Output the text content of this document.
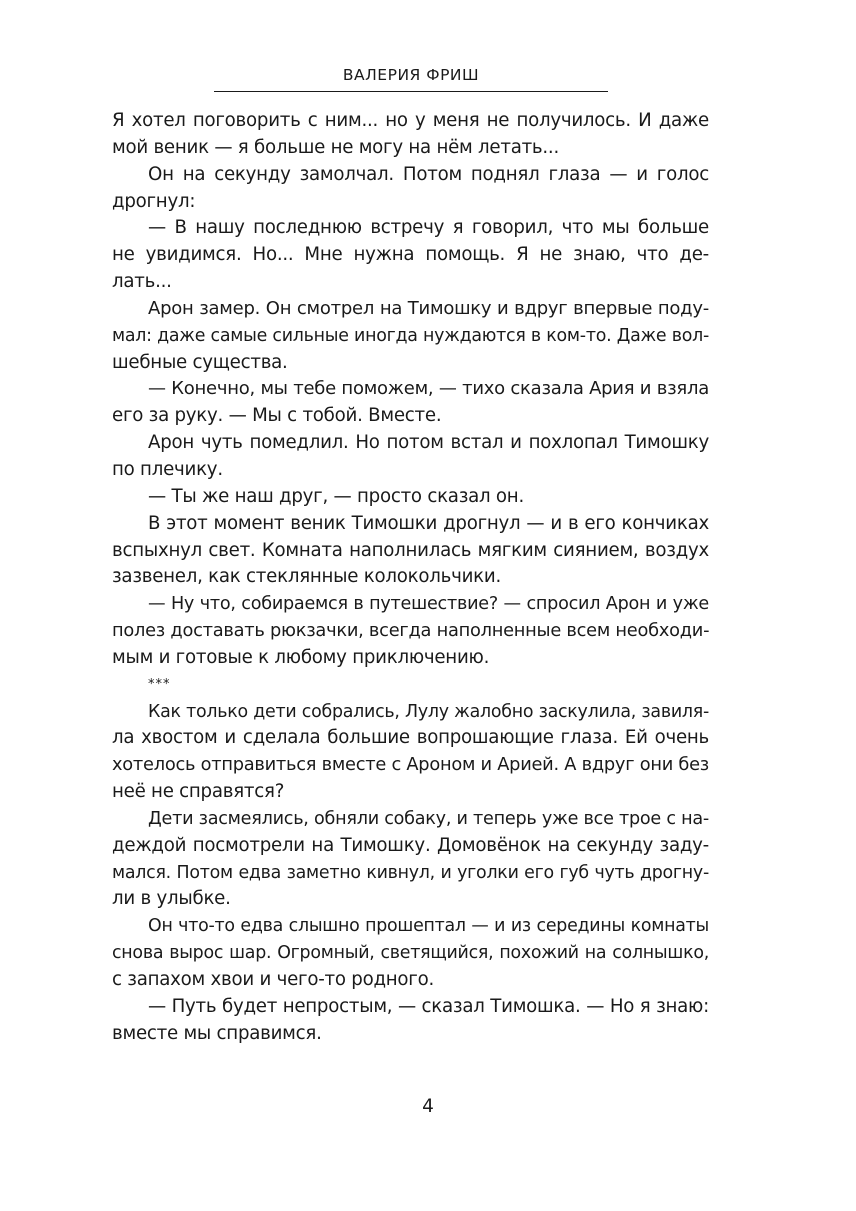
ВАЛЕРИЯ ФРИШ
Я хотел поговорить с ним... но у меня не получилось. И даже
мой веник — я больше не могу на нём летать...
Он на секунду замолчал. Потом поднял глаза — и голос
дрогнул:
— В нашу последнюю встречу я говорил, что мы больше
не увидимся. Но... Мне нужна помощь. Я не знаю, что де-
лать...
Арон замер. Он смотрел на Тимошку и вдруг впервые поду-
мал: даже самые сильные иногда нуждаются в ком-то. Даже вол-
шебные существа.
— Конечно, мы тебе поможем, — тихо сказала Ария и взяла
его за руку. — Мы с тобой. Вместе.
Арон чуть помедлил. Но потом встал и похлопал Тимошку
по плечику.
— Ты же наш друг, — просто сказал он.
В этот момент веник Тимошки дрогнул — и в его кончиках
вспыхнул свет. Комната наполнилась мягким сиянием, воздух
зазвенел, как стеклянные колокольчики.
— Ну что, собираемся в путешествие? — спросил Арон и уже
полез доставать рюкзачки, всегда наполненные всем необходи-
мым и готовые к любому приключению.
***
Как только дети собрались, Лулу жалобно заскулила, завиля-
ла хвостом и сделала большие вопрошающие глаза. Ей очень
хотелось отправиться вместе с Ароном и Арией. А вдруг они без
неё не справятся?
Дети засмеялись, обняли собаку, и теперь уже все трое с на-
деждой посмотрели на Тимошку. Домовёнок на секунду заду-
мался. Потом едва заметно кивнул, и уголки его губ чуть дрогну-
ли в улыбке.
Он что-то едва слышно прошептал — и из середины комнаты
снова вырос шар. Огромный, светящийся, похожий на солнышко,
с запахом хвои и чего-то родного.
— Путь будет непростым, — сказал Тимошка. — Но я знаю:
вместе мы справимся.
4
